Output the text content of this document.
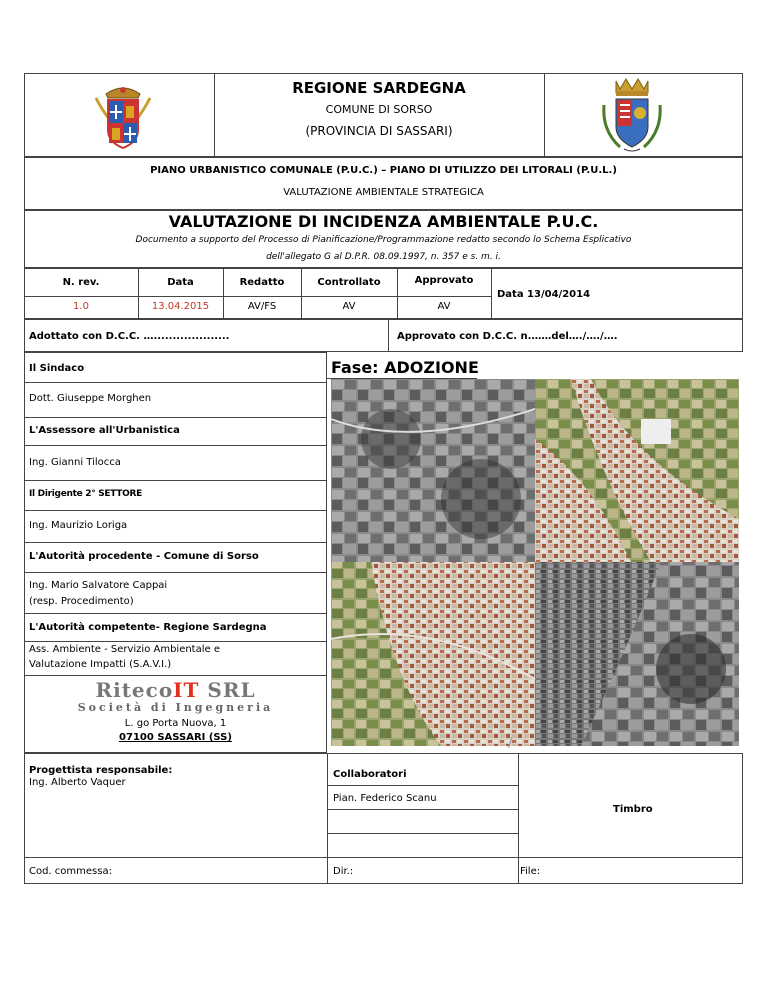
REGIONE SARDEGNA
COMUNE DI SORSO
(PROVINCIA DI SASSARI)
PIANO URBANISTICO COMUNALE (P.U.C.) – PIANO DI UTILIZZO DEI LITORALI (P.U.L.)
VALUTAZIONE AMBIENTALE STRATEGICA
VALUTAZIONE DI INCIDENZA AMBIENTALE P.U.C.
Documento a supporto del Processo di Pianificazione/Programmazione redatto secondo lo Schema Esplicativo
dell'allegato G al D.P.R. 08.09.1997, n. 357 e s. m. i.
N. rev.	Data	Redatto	Controllato	Approvato
1.0	13.04.2015	AV/FS	AV	AV
Data 13/04/2014
Adottato con D.C.C. …....................	Approvato con D.C.C. n.……del…./…./….
Il Sindaco
Dott. Giuseppe Morghen
L'Assessore all'Urbanistica
Ing. Gianni Tilocca
Il Dirigente 2° SETTORE
Ing. Maurizio Loriga
L'Autorità procedente - Comune di Sorso
Ing. Mario Salvatore Cappai
(resp. Procedimento)
L'Autorità competente- Regione Sardegna
Ass. Ambiente - Servizio Ambientale e
Valutazione Impatti (S.A.V.I.)
RitecoIT SRL
Società di Ingegneria
L. go Porta Nuova, 1
07100 SASSARI (SS)
Fase: ADOZIONE
/
Progettista responsabile:
Ing. Alberto Vaquer
Collaboratori
Pian. Federico Scanu
Timbro
Cod. commessa:	Dir.:	File:
